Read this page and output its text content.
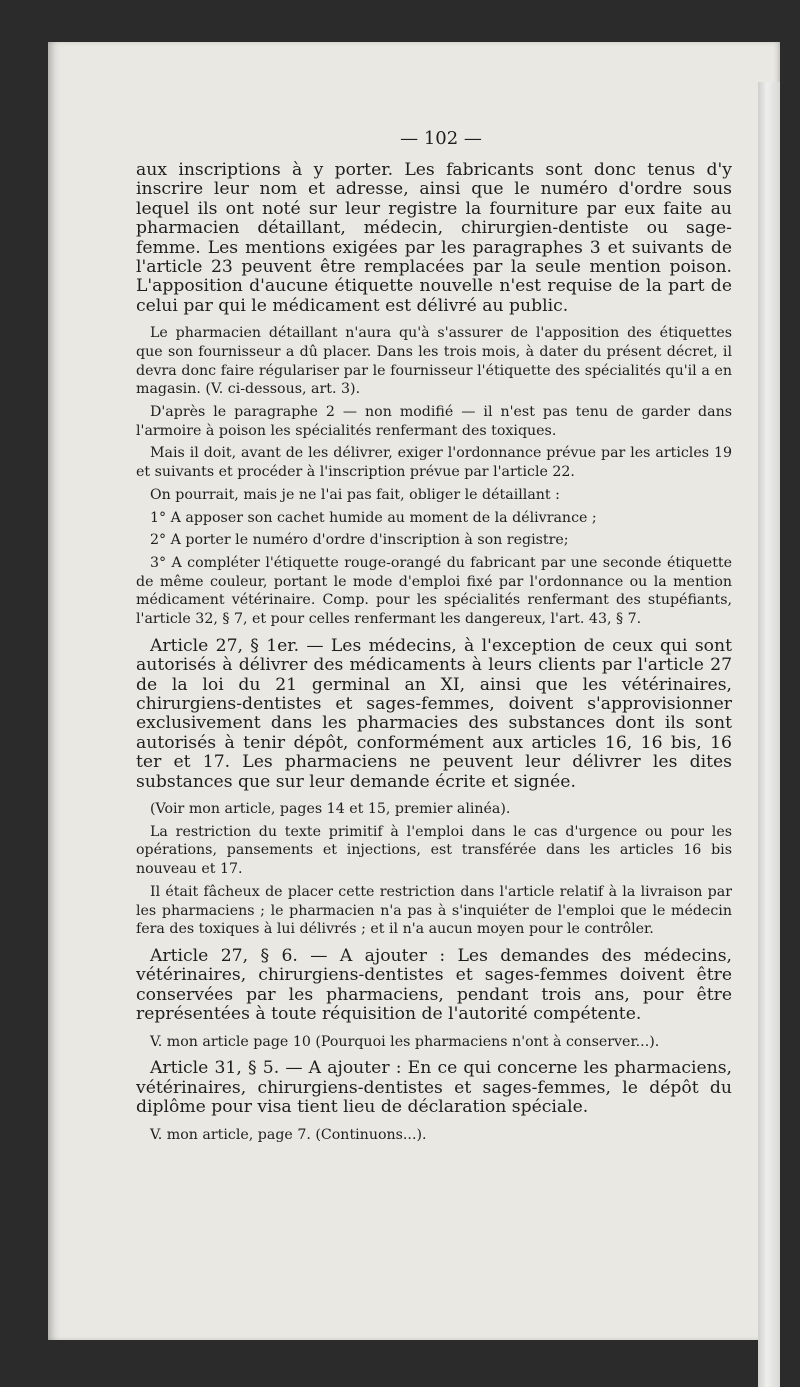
— 102 —

aux inscriptions à y porter. Les fabricants sont donc tenus d'y inscrire leur nom et adresse, ainsi que le numéro d'ordre sous lequel ils ont noté sur leur registre la fourniture par eux faite au pharmacien détaillant, médecin, chirurgien-dentiste ou sage-femme. Les mentions exigées par les paragraphes 3 et suivants de l'article 23 peuvent être remplacées par la seule mention poison. L'apposition d'aucune étiquette nouvelle n'est requise de la part de celui par qui le médicament est délivré au public.

Le pharmacien détaillant n'aura qu'à s'assurer de l'apposition des étiquettes que son fournisseur a dû placer. Dans les trois mois, à dater du présent décret, il devra donc faire régulariser par le fournisseur l'étiquette des spécialités qu'il a en magasin. (V. ci-dessous, art. 3).

D'après le paragraphe 2 — non modifié — il n'est pas tenu de garder dans l'armoire à poison les spécialités renfermant des toxiques.

Mais il doit, avant de les délivrer, exiger l'ordonnance prévue par les articles 19 et suivants et procéder à l'inscription prévue par l'article 22.

On pourrait, mais je ne l'ai pas fait, obliger le détaillant :

1° A apposer son cachet humide au moment de la délivrance ;

2° A porter le numéro d'ordre d'inscription à son registre;

3° A compléter l'étiquette rouge-orangé du fabricant par une seconde étiquette de même couleur, portant le mode d'emploi fixé par l'ordonnance ou la mention médicament vétérinaire. Comp. pour les spécialités renfermant des stupéfiants, l'article 32, § 7, et pour celles renfermant les dangereux, l'art. 43, § 7.

Article 27, § 1er. — Les médecins, à l'exception de ceux qui sont autorisés à délivrer des médicaments à leurs clients par l'article 27 de la loi du 21 germinal an XI, ainsi que les vétérinaires, chirurgiens-dentistes et sages-femmes, doivent s'approvisionner exclusivement dans les pharmacies des substances dont ils sont autorisés à tenir dépôt, conformément aux articles 16, 16 bis, 16 ter et 17. Les pharmaciens ne peuvent leur délivrer les dites substances que sur leur demande écrite et signée.

(Voir mon article, pages 14 et 15, premier alinéa).

La restriction du texte primitif à l'emploi dans le cas d'urgence ou pour les opérations, pansements et injections, est transférée dans les articles 16 bis nouveau et 17.

Il était fâcheux de placer cette restriction dans l'article relatif à la livraison par les pharmaciens ; le pharmacien n'a pas à s'inquiéter de l'emploi que le médecin fera des toxiques à lui délivrés ; et il n'a aucun moyen pour le contrôler.

Article 27, § 6. — A ajouter : Les demandes des médecins, vétérinaires, chirurgiens-dentistes et sages-femmes doivent être conservées par les pharmaciens, pendant trois ans, pour être représentées à toute réquisition de l'autorité compétente.

V. mon article page 10 (Pourquoi les pharmaciens n'ont à conserver...).

Article 31, § 5. — A ajouter : En ce qui concerne les pharmaciens, vétérinaires, chirurgiens-dentistes et sages-femmes, le dépôt du diplôme pour visa tient lieu de déclaration spéciale.

V. mon article, page 7. (Continuons...).
